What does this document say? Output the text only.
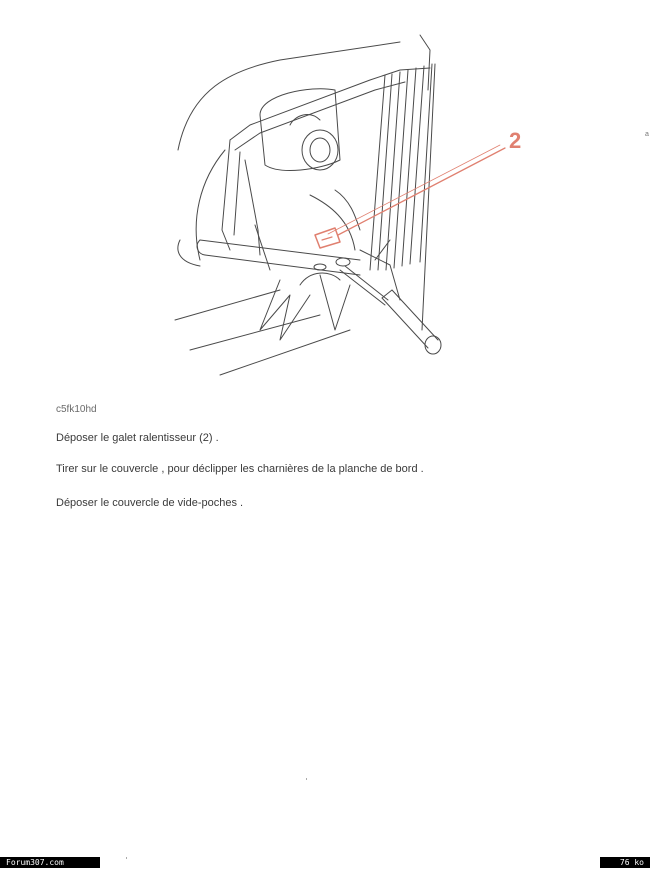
2	a
c5fk10hd
Déposer le galet ralentisseur (2) .
Tirer sur le couvercle , pour déclipper les charnières de la planche de bord .
Déposer le couvercle de vide-poches .
Forum307.com	76 ko
